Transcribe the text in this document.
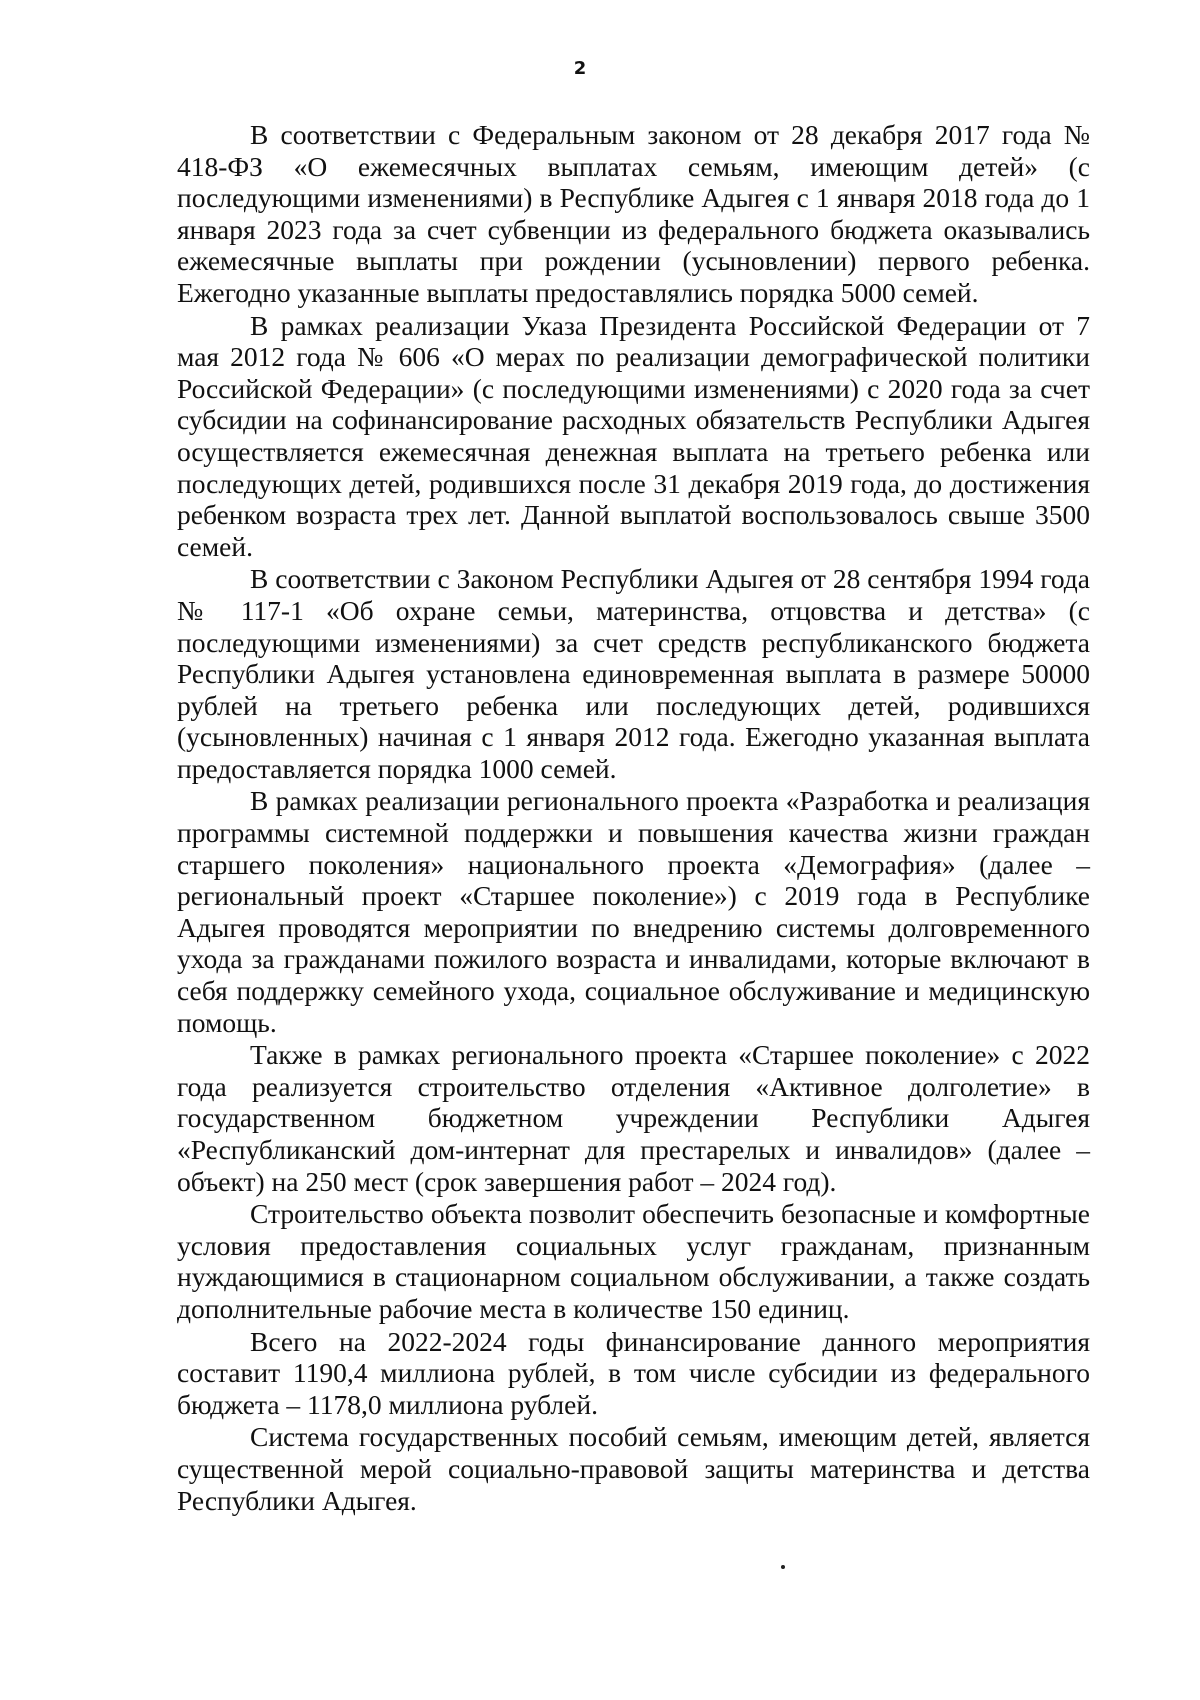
2

В соответствии с Федеральным законом от 28 декабря 2017 года № 418-ФЗ «О ежемесячных выплатах семьям, имеющим детей» (с последующими изменениями) в Республике Адыгея с 1 января 2018 года до 1 января 2023 года за счет субвенции из федерального бюджета оказывались ежемесячные выплаты при рождении (усыновлении) первого ребенка. Ежегодно указанные выплаты предоставлялись порядка 5000 семей.

В рамках реализации Указа Президента Российской Федерации от 7 мая 2012 года № 606 «О мерах по реализации демографической политики Российской Федерации» (с последующими изменениями) с 2020 года за счет субсидии на софинансирование расходных обязательств Республики Адыгея осуществляется ежемесячная денежная выплата на третьего ребенка или последующих детей, родившихся после 31 декабря 2019 года, до достижения ребенком возраста трех лет. Данной выплатой воспользовалось свыше 3500 семей.

В соответствии с Законом Республики Адыгея от 28 сентября 1994 года № 117-1 «Об охране семьи, материнства, отцовства и детства» (с последующими изменениями) за счет средств республиканского бюджета Республики Адыгея установлена единовременная выплата в размере 50000 рублей на третьего ребенка или последующих детей, родившихся (усыновленных) начиная с 1 января 2012 года. Ежегодно указанная выплата предоставляется порядка 1000 семей.

В рамках реализации регионального проекта «Разработка и реализация программы системной поддержки и повышения качества жизни граждан старшего поколения» национального проекта «Демография» (далее – региональный проект «Старшее поколение») с 2019 года в Республике Адыгея проводятся мероприятии по внедрению системы долговременного ухода за гражданами пожилого возраста и инвалидами, которые включают в себя поддержку семейного ухода, социальное обслуживание и медицинскую помощь.

Также в рамках регионального проекта «Старшее поколение» с 2022 года реализуется строительство отделения «Активное долголетие» в государственном бюджетном учреждении Республики Адыгея «Республиканский дом-интернат для престарелых и инвалидов» (далее – объект) на 250 мест (срок завершения работ – 2024 год).

Строительство объекта позволит обеспечить безопасные и комфортные условия предоставления социальных услуг гражданам, признанным нуждающимися в стационарном социальном обслуживании, а также создать дополнительные рабочие места в количестве 150 единиц.

Всего на 2022-2024 годы финансирование данного мероприятия составит 1190,4 миллиона рублей, в том числе субсидии из федерального бюджета – 1178,0 миллиона рублей.

Система государственных пособий семьям, имеющим детей, является существенной мерой социально-правовой защиты материнства и детства Республики Адыгея.
